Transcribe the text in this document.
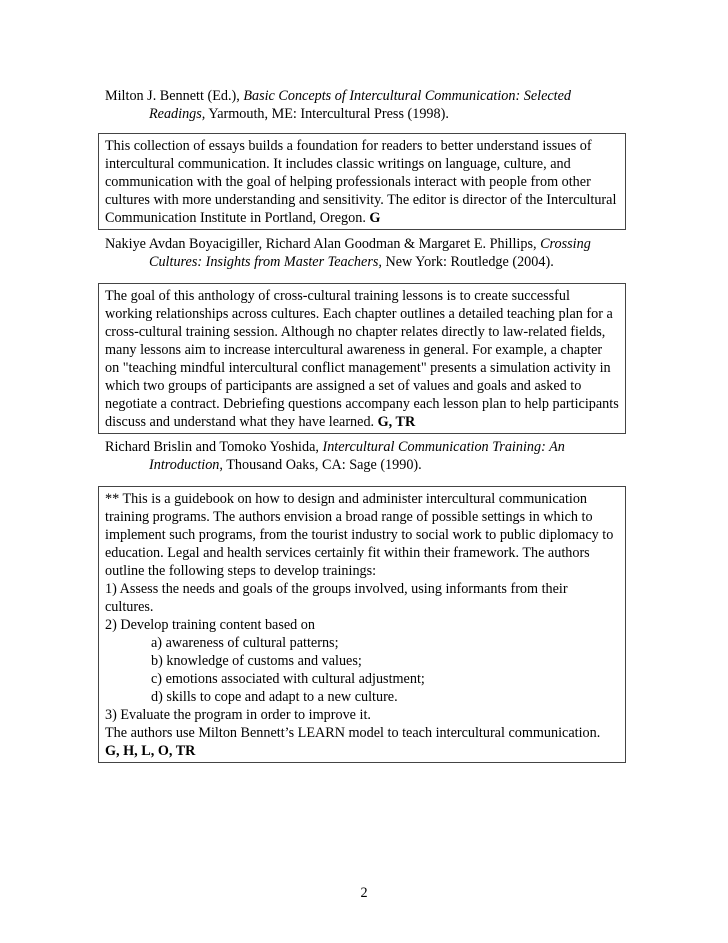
Milton J. Bennett (Ed.), Basic Concepts of Intercultural Communication: Selected
Readings, Yarmouth, ME: Intercultural Press (1998).

This collection of essays builds a foundation for readers to better understand issues of intercultural communication. It includes classic writings on language, culture, and communication with the goal of helping professionals interact with people from other cultures with more understanding and sensitivity. The editor is director of the Intercultural Communication Institute in Portland, Oregon. G

Nakiye Avdan Boyacigiller, Richard Alan Goodman & Margaret E. Phillips, Crossing
Cultures: Insights from Master Teachers, New York: Routledge (2004).

The goal of this anthology of cross-cultural training lessons is to create successful working relationships across cultures. Each chapter outlines a detailed teaching plan for a cross-cultural training session. Although no chapter relates directly to law-related fields, many lessons aim to increase intercultural awareness in general. For example, a chapter on "teaching mindful intercultural conflict management" presents a simulation activity in which two groups of participants are assigned a set of values and goals and asked to negotiate a contract. Debriefing questions accompany each lesson plan to help participants discuss and understand what they have learned. G, TR

Richard Brislin and Tomoko Yoshida, Intercultural Communication Training: An
Introduction, Thousand Oaks, CA: Sage (1990).

** This is a guidebook on how to design and administer intercultural communication training programs. The authors envision a broad range of possible settings in which to implement such programs, from the tourist industry to social work to public diplomacy to education. Legal and health services certainly fit within their framework. The authors outline the following steps to develop trainings:

1) Assess the needs and goals of the groups involved, using informants from their cultures.

2) Develop training content based on

a) awareness of cultural patterns;

b) knowledge of customs and values;

c) emotions associated with cultural adjustment;

d) skills to cope and adapt to a new culture.

3) Evaluate the program in order to improve it.

The authors use Milton Bennett’s LEARN model to teach intercultural communication.

G, H, L, O, TR

2
